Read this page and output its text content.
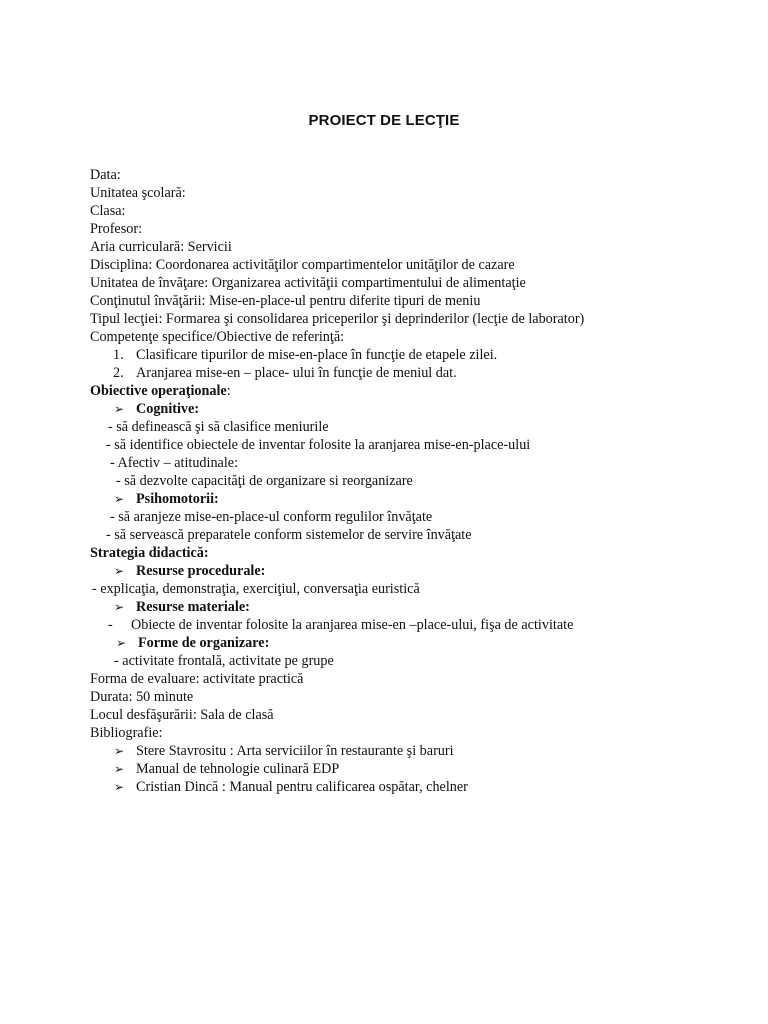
PROIECT DE LECŢIE
Data:
Unitatea şcolară:
Clasa:
Profesor:
Aria curriculară: Servicii
Disciplina: Coordonarea activităţilor compartimentelor unităţilor de cazare
Unitatea de învăţare: Organizarea activităţii compartimentului de alimentaţie
Conţinutul învăţării: Mise-en-place-ul pentru diferite tipuri de meniu
Tipul lecţiei: Formarea şi consolidarea priceperilor şi deprinderilor (lecţie de laborator)
Competenţe specifice/Obiective de referinţă:
1. Clasificare tipurilor de mise-en-place în funcţie de etapele zilei.
2. Aranjarea mise-en – place- ului în funcţie de meniul dat.
Obiective operaţionale:
➢ Cognitive:
- să definească şi să clasifice meniurile
- să identifice obiectele de inventar folosite la aranjarea mise-en-place-ului
- Afectiv – atitudinale:
- să dezvolte capacităţi de organizare si reorganizare
➢ Psihomotorii:
- să aranjeze mise-en-place-ul conform regulilor învăţate
- să servească preparatele conform sistemelor de servire învăţate
Strategia didactică:
➢ Resurse procedurale:
- explicaţia, demonstraţia, exerciţiul, conversaţia euristică
➢ Resurse materiale:
- Obiecte de inventar folosite la aranjarea mise-en –place-ului, fişa de activitate
➢ Forme de organizare:
- activitate frontală, activitate pe grupe
Forma de evaluare: activitate practică
Durata: 50 minute
Locul desfăşurării: Sala de clasă
Bibliografie:
➢ Stere Stavrositu : Arta serviciilor în restaurante şi baruri
➢ Manual de tehnologie culinară EDP
➢ Cristian Dincă : Manual pentru calificarea ospătar, chelner
